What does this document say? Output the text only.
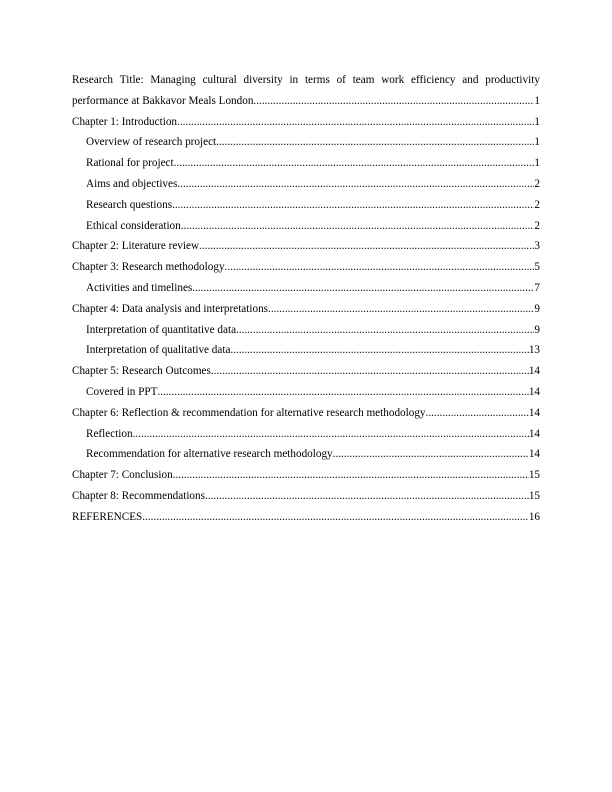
Research Title: Managing cultural diversity in terms of team work efficiency and productivity
performance at Bakkavor Meals London .....	1
Chapter 1: Introduction .....	1
Overview of research project .....	1
Rational for project .....	1
Aims and objectives .....	2
Research questions .....	2
Ethical consideration .....	2
Chapter 2: Literature review .....	3
Chapter 3: Research methodology .....	5
Activities and timelines .....	7
Chapter 4: Data analysis and interpretations .....	9
Interpretation of quantitative data .....	9
Interpretation of qualitative data .....	13
Chapter 5: Research Outcomes .....	14
Covered in PPT .....	14
Chapter 6: Reflection & recommendation for alternative research methodology .....	14
Reflection .....	14
Recommendation for alternative research methodology .....	14
Chapter 7: Conclusion .....	15
Chapter 8: Recommendations .....	15
REFERENCES .....	16
